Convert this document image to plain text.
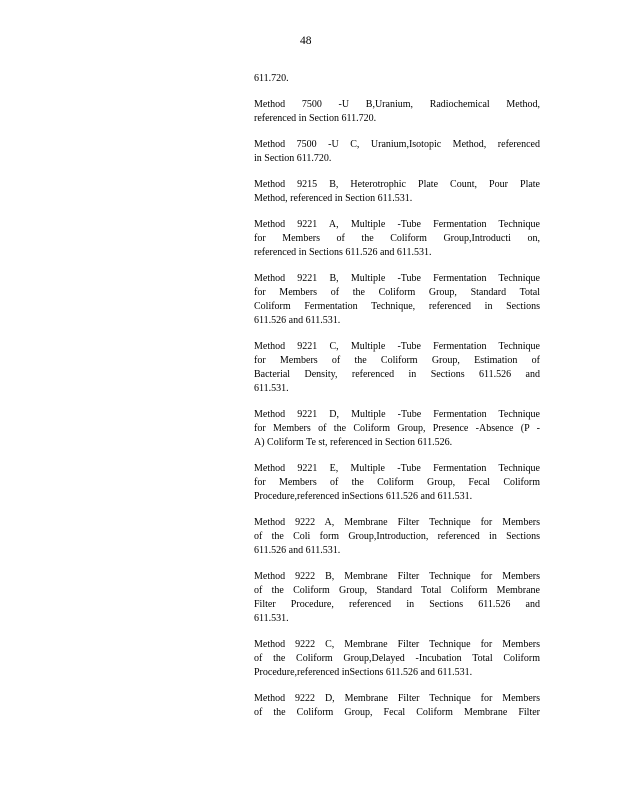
48
611.720.
Method 7500 -U B,Uranium, Radiochemical Method,
referenced in Section 611.720.
Method 7500 -U C, Uranium,Isotopic Method, referenced
in Section 611.720.
Method 9215 B, Heterotrophic Plate Count, Pour Plate
Method, referenced in Section 611.531.
Method 9221 A, Multiple -Tube Fermentation Technique
for Members of the Coliform Group,Introducti on,
referenced in Sections 611.526 and 611.531.
Method 9221 B, Multiple -Tube Fermentation Technique
for Members of the Coliform Group, Standard Total
Coliform Fermentation Technique, referenced in Sections
611.526 and 611.531.
Method 9221 C, Multiple -Tube Fermentation Technique
for Members of the Coliform Group, Estimation of
Bacterial Density, referenced in Sections 611.526 and
611.531.
Method 9221 D, Multiple -Tube Fermentation Technique
for Members of the Coliform Group, Presence -Absence (P -
A) Coliform Te st, referenced in Section 611.526.
Method 9221 E, Multiple -Tube Fermentation Technique
for Members of the Coliform Group, Fecal Coliform
Procedure,referenced inSections 611.526 and 611.531.
Method 9222 A, Membrane Filter Technique for Members
of the Coli form Group,Introduction, referenced in Sections
611.526 and 611.531.
Method 9222 B, Membrane Filter Technique for Members
of the Coliform Group, Standard Total Coliform Membrane
Filter Procedure, referenced in Sections 611.526 and
611.531.
Method 9222 C, Membrane Filter Technique for Members
of the Coliform Group,Delayed -Incubation Total Coliform
Procedure,referenced inSections 611.526 and 611.531.
Method 9222 D, Membrane Filter Technique for Members
of the Coliform Group, Fecal Coliform Membrane Filter
